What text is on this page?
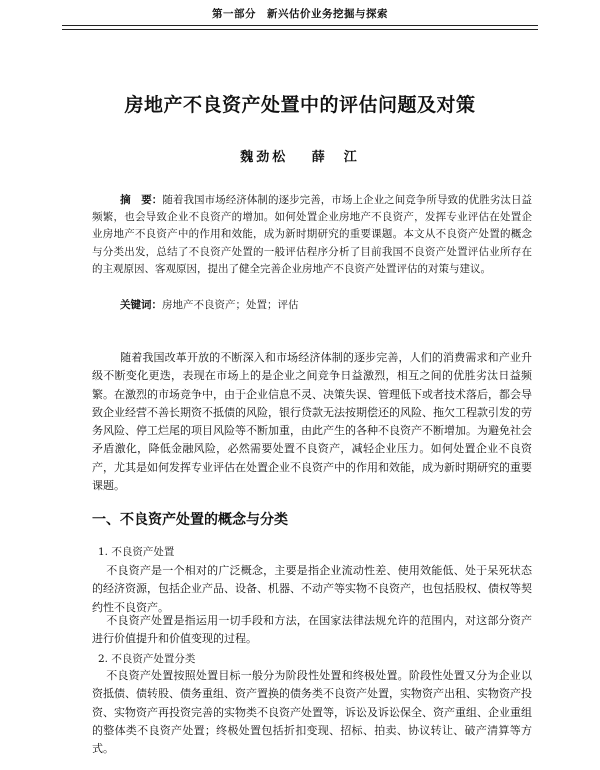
第一部分　新兴估价业务挖掘与探索
房地产不良资产处置中的评估问题及对策
魏劲松　 薛　江
摘　要：随着我国市场经济体制的逐步完善，市场上企业之间竞争所导致的优胜劣汰日益频繁，也会导致企业不良资产的增加。如何处置企业房地产不良资产，发挥专业评估在处置企业房地产不良资产中的作用和效能，成为新时期研究的重要课题。本文从不良资产处置的概念与分类出发，总结了不良资产处置的一般评估程序分析了目前我国不良资产处置评估业所存在的主观原因、客观原因，提出了健全完善企业房地产不良资产处置评估的对策与建议。
关键词：房地产不良资产；处置；评估
随着我国改革开放的不断深入和市场经济体制的逐步完善，人们的消费需求和产业升级不断变化更迭，表现在市场上的是企业之间竞争日益激烈，相互之间的优胜劣汰日益频繁。在激烈的市场竞争中，由于企业信息不灵、决策失误、管理低下或者技术落后，都会导致企业经营不善长期资不抵债的风险，银行贷款无法按期偿还的风险、拖欠工程款引发的劳务风险、停工烂尾的项目风险等不断加重，由此产生的各种不良资产不断增加。为避免社会矛盾激化，降低金融风险，必然需要处置不良资产，减轻企业压力。如何处置企业不良资产，尤其是如何发挥专业评估在处置企业不良资产中的作用和效能，成为新时期研究的重要课题。
一、不良资产处置的概念与分类
1. 不良资产处置
不良资产是一个相对的广泛概念，主要是指企业流动性差、使用效能低、处于呆死状态的经济资源，包括企业产品、设备、机器、不动产等实物不良资产，也包括股权、债权等契约性不良资产。
不良资产处置是指运用一切手段和方法，在国家法律法规允许的范围内，对这部分资产进行价值提升和价值变现的过程。
2. 不良资产处置分类
不良资产处置按照处置目标一般分为阶段性处置和终极处置。阶段性处置又分为企业以资抵债、债转股、债务重组、资产置换的债务类不良资产处置，实物资产出租、实物资产投资、实物资产再投资完善的实物类不良资产处置等，诉讼及诉讼保全、资产重组、企业重组的整体类不良资产处置；终极处置包括折扣变现、招标、拍卖、协议转让、破产清算等方式。
